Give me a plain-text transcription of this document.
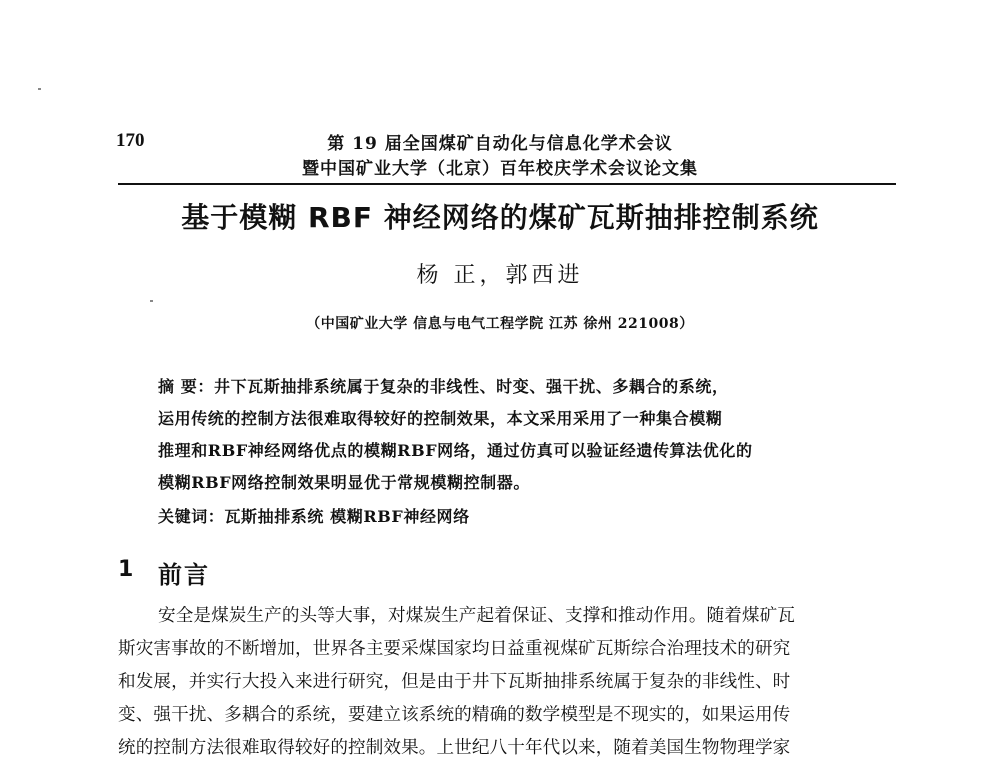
170	第 19 届全国煤矿自动化与信息化学术会议
暨中国矿业大学（北京）百年校庆学术会议论文集
基于模糊 RBF 神经网络的煤矿瓦斯抽排控制系统
杨 正，郭西进
（中国矿业大学 信息与电气工程学院 江苏 徐州 221008）
摘 要：井下瓦斯抽排系统属于复杂的非线性、时变、强干扰、多耦合的系统，
运用传统的控制方法很难取得较好的控制效果，本文采用采用了一种集合模糊
推理和RBF神经网络优点的模糊RBF网络，通过仿真可以验证经遗传算法优化的
模糊RBF网络控制效果明显优于常规模糊控制器。
关键词：瓦斯抽排系统 模糊RBF神经网络
1 前言
安全是煤炭生产的头等大事，对煤炭生产起着保证、支撑和推动作用。随着煤矿瓦
斯灾害事故的不断增加，世界各主要采煤国家均日益重视煤矿瓦斯综合治理技术的研究
和发展，并实行大投入来进行研究，但是由于井下瓦斯抽排系统属于复杂的非线性、时
变、强干扰、多耦合的系统，要建立该系统的精确的数学模型是不现实的，如果运用传
统的控制方法很难取得较好的控制效果。上世纪八十年代以来，随着美国生物物理学家
